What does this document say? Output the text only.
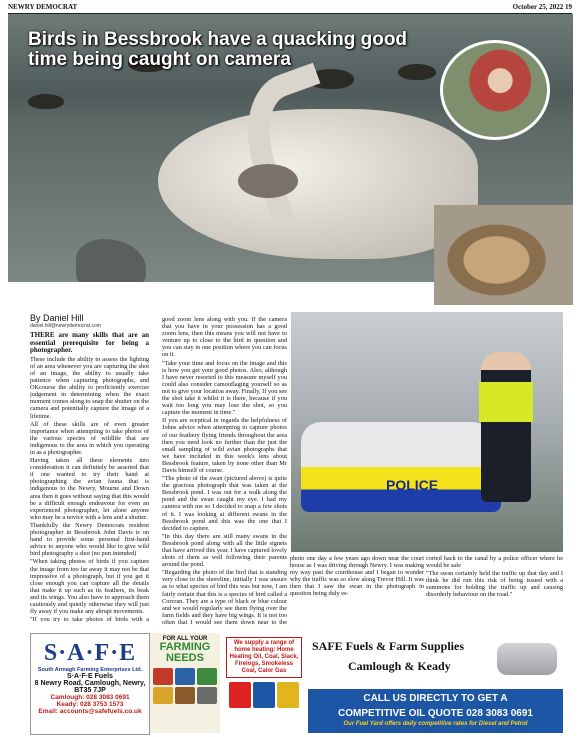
NEWRY DEMOCRAT	October 25, 2022 19
Birds in Bessbrook have a quacking good time being caught on camera
By Daniel Hill
daniel.hill@newrydemocrat.com

THERE are many skills that are an essential prerequisite for being a photographer.

These include the ability to assess the lighting of an area whenever you are capturing the shot of an image, the ability to usually take patience when capturing photographs, and OKcourse the ability to proficiently exercise judgement in determining when the exact moment comes along to snap the shutter on the camera and potentially capture the image of a lifetime.

All of these skills are of even greater importance when attempting to take photos of the various species of wildlife that are indigenous to the area in which you operating in as a photographer.

Having taken all these elements into consideration it can definitely be asserted that if one wanted to try their hand at photographing the avian fauna that is indigenous to the Newry, Mourne and Down area then it goes without saying that this would be a difficult enough endeavour for even an experienced photographer, let alone anyone who may be a novice with a lens and a shutter.

Thankfully the Newry Democrats resident photographer in Bessbrook John Davis is on hand to provide some personal first-hand advice to anyone who would like to give wild bird photography a shot (no pun intended)

"When taking photos of birds if you capture the image from too far away it may not be that impressive of a photograph, but if you get it close enough you can capture all the details that make it up such as its feathers, its beak and its wings. You also have to approach them cautiously and quietly otherwise they will just fly away if you make any abrupt movements.

"If you try to take photos of birds with a

good zoom lens along with you. If the camera that you have in your possession has a good zoom lens, then this means you will not have to venture up to close to the bird in question and you can stay in one position where you can focus on it.

"Take your time and focus on the image and this is how you get your good photos. Also, although I have never resorted to this measure myself you could also consider camouflaging yourself so as not to give your location away. Finally, If you see the shot take it whilst it is there, because if you wait too long you may lose the shot, so you capture the moment in time."

If you are sceptical in regards the helpfulness of Johns advice when attempting to capture photos of our feathery flying friends throughout the area then you need look no further than the just the small sampling of wild avian photographs that we have included in this week's lens about Bessbrook feature, taken by none other than Mr Davis himself of course.

"The photo of the swan (pictured above) is quite the gracious photograph that was taken at the Bessbrook pond. I was out for a walk along the pond and the swan caught my eye. I had my camera with me so I decided to snap a few shots of it. I was looking at different swans in the Bessbrook pond and this was the one that I decided to capture.

"In this day there are still many swans in the Bessbrook pond along with all the little signets that have arrived this year. I have captured lovely shots of them as well following their parents around the pond.

"Regarding the photo of the bird that is standing very close to the shoreline, initially I was unsure as to what species of bird this was but now, I am fairly certain that this is a species of bird called a Corcran. They are a type of black or blue colour and we would regularly see them flying over the farm fields and they have big wings. It is not too often that I would see them down near to the

POLICE

photo one day a few years ago down near the court house as I was driving through Newry. I was making my way past the courthouse and I began to wonder why the traffic was so slow along Trevor Hill. It was then that I saw the swan in the photograph in question being duly es-

corted back to the canal by a police officer where he would be safe

"The swan certainly held the traffic up that day and I think he did run this risk of being issued with a summons for holding the traffic up and causing disorderly behaviour on the road."

S·A·F·E
South Armagh Farming Enterprises Ltd.
S·A·F·E Fuels
8 Newry Road, Camlough, Newry, BT35 7JP
Camlough: 028 3083 0691
Keady: 028 3753 1573
Email: accounts@safefuels.co.uk
FOR ALL YOUR
FARMING NEEDS
We supply a range of home heating: Home Heating Oil, Coal, Slack, Firelogs, Smokeless Coal, Calor Gas
SAFE Fuels & Farm Supplies
Camlough & Keady
CALL US DIRECTLY TO GET A
COMPETITIVE OIL QUOTE 028 3083 0691
Our Fuel Yard offers daily competitive rates for Diesel and Petrol
